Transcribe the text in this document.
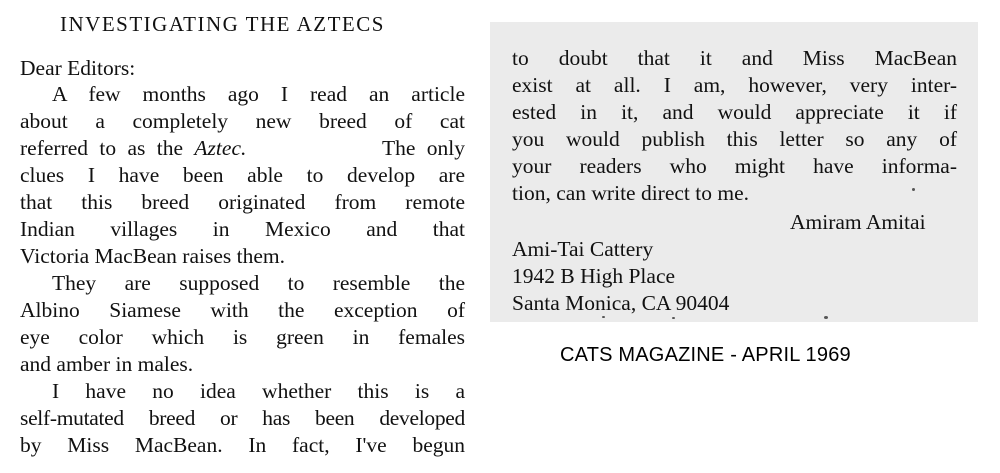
INVESTIGATING THE AZTECS
Dear Editors:
A few months ago I read an article
about a completely new breed of cat
referred to as the Aztec.	The only
clues I have been able to develop are
that this breed originated from remote
Indian villages in Mexico and that
Victoria MacBean raises them.
They are supposed to resemble the
Albino Siamese with the exception of
eye color which is green in females
and amber in males.
I have no idea whether this is a
self-mutated breed or has been developed
by Miss MacBean. In fact, I've begun
to doubt that it and Miss MacBean
exist at all. I am, however, very inter-
ested in it, and would appreciate it if
you would publish this letter so any of
your readers who might have informa-
tion, can write direct to me.
Amiram Amitai
Ami-Tai Cattery
1942 B High Place
Santa Monica, CA 90404
CATS MAGAZINE - APRIL 1969
